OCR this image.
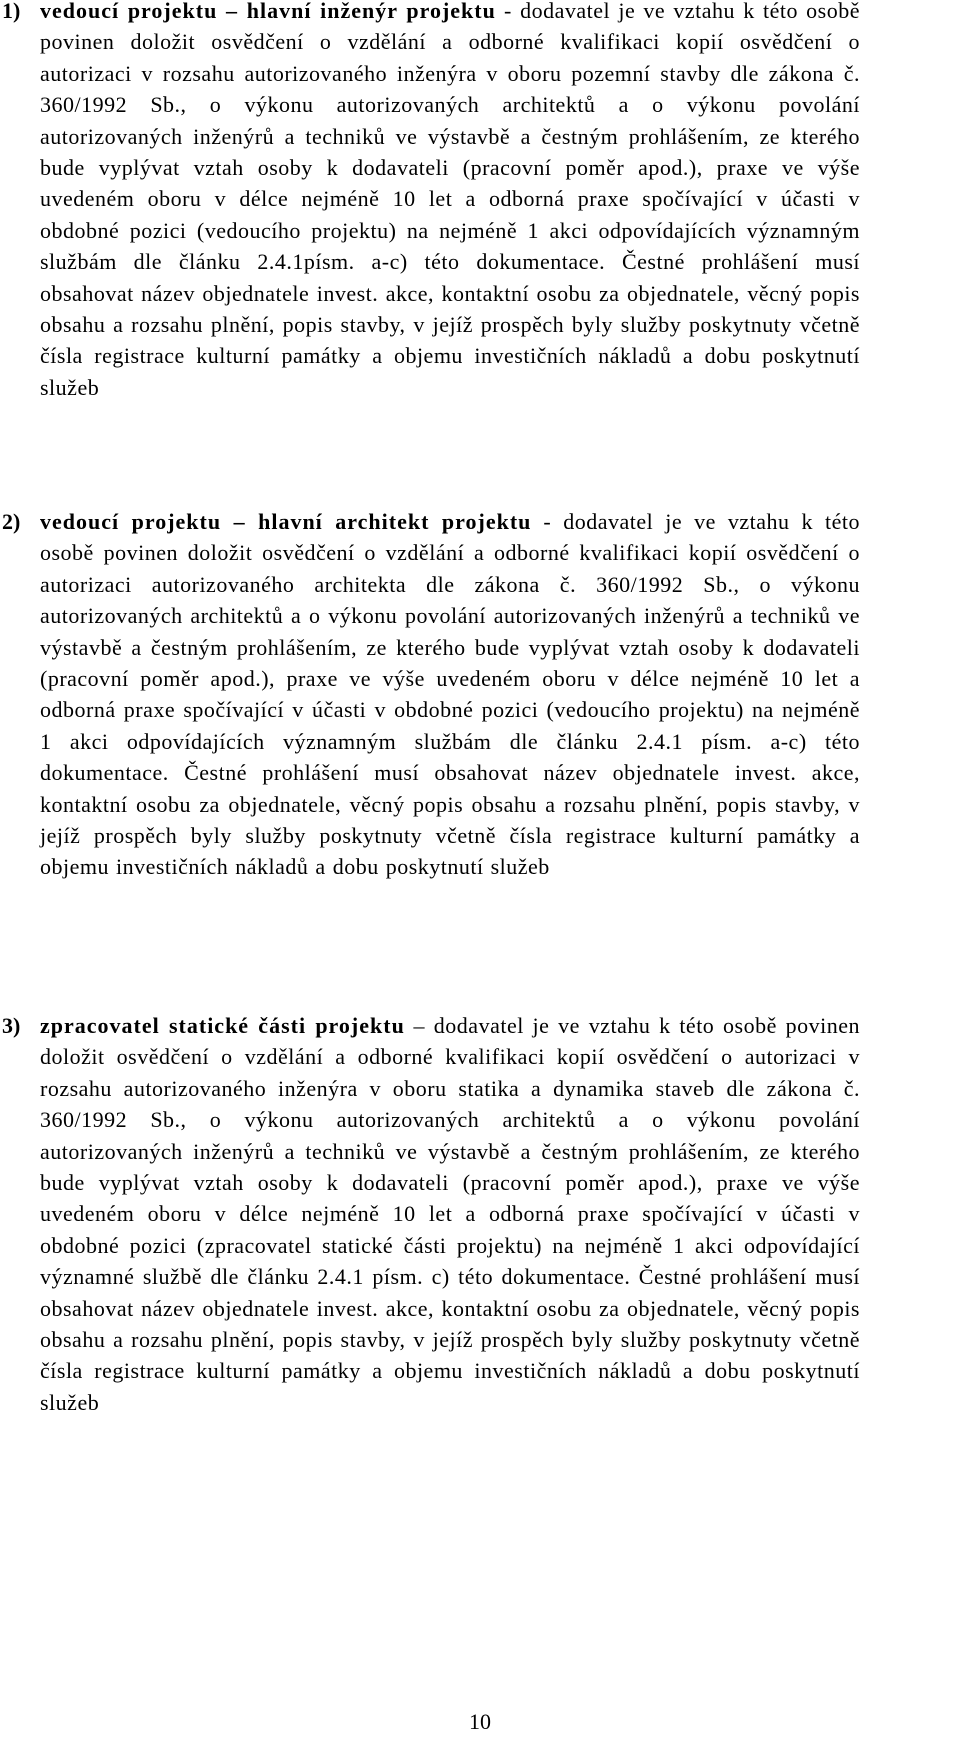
1) vedoucí projektu – hlavní inženýr projektu - dodavatel je ve vztahu k této osobě povinen doložit osvědčení o vzdělání a odborné kvalifikaci kopií osvědčení o autorizaci v rozsahu autorizovaného inženýra v oboru pozemní stavby dle zákona č. 360/1992 Sb., o výkonu autorizovaných architektů a o výkonu povolání autorizovaných inženýrů a techniků ve výstavbě a čestným prohlášením, ze kterého bude vyplývat vztah osoby k dodavateli (pracovní poměr apod.), praxe ve výše uvedeném oboru v délce nejméně 10 let a odborná praxe spočívající v účasti v obdobné pozici (vedoucího projektu) na nejméně 1 akci odpovídajících významným službám dle článku 2.4.1písm. a-c) této dokumentace. Čestné prohlášení musí obsahovat název objednatele invest. akce, kontaktní osobu za objednatele, věcný popis obsahu a rozsahu plnění, popis stavby, v jejíž prospěch byly služby poskytnuty včetně čísla registrace kulturní památky a objemu investičních nákladů a dobu poskytnutí služeb
2) vedoucí projektu – hlavní architekt projektu - dodavatel je ve vztahu k této osobě povinen doložit osvědčení o vzdělání a odborné kvalifikaci kopií osvědčení o autorizaci autorizovaného architekta dle zákona č. 360/1992 Sb., o výkonu autorizovaných architektů a o výkonu povolání autorizovaných inženýrů a techniků ve výstavbě a čestným prohlášením, ze kterého bude vyplývat vztah osoby k dodavateli (pracovní poměr apod.), praxe ve výše uvedeném oboru v délce nejméně 10 let a odborná praxe spočívající v účasti v obdobné pozici (vedoucího projektu) na nejméně 1 akci odpovídajících významným službám dle článku 2.4.1 písm. a-c) této dokumentace. Čestné prohlášení musí obsahovat název objednatele invest. akce, kontaktní osobu za objednatele, věcný popis obsahu a rozsahu plnění, popis stavby, v jejíž prospěch byly služby poskytnuty včetně čísla registrace kulturní památky a objemu investičních nákladů a dobu poskytnutí služeb
3) zpracovatel statické části projektu – dodavatel je ve vztahu k této osobě povinen doložit osvědčení o vzdělání a odborné kvalifikaci kopií osvědčení o autorizaci v rozsahu autorizovaného inženýra v oboru statika a dynamika staveb dle zákona č. 360/1992 Sb., o výkonu autorizovaných architektů a o výkonu povolání autorizovaných inženýrů a techniků ve výstavbě a čestným prohlášením, ze kterého bude vyplývat vztah osoby k dodavateli (pracovní poměr apod.), praxe ve výše uvedeném oboru v délce nejméně 10 let a odborná praxe spočívající v účasti v obdobné pozici (zpracovatel statické části projektu) na nejméně 1 akci odpovídající významné službě dle článku 2.4.1 písm. c) této dokumentace. Čestné prohlášení musí obsahovat název objednatele invest. akce, kontaktní osobu za objednatele, věcný popis obsahu a rozsahu plnění, popis stavby, v jejíž prospěch byly služby poskytnuty včetně čísla registrace kulturní památky a objemu investičních nákladů a dobu poskytnutí služeb
10
